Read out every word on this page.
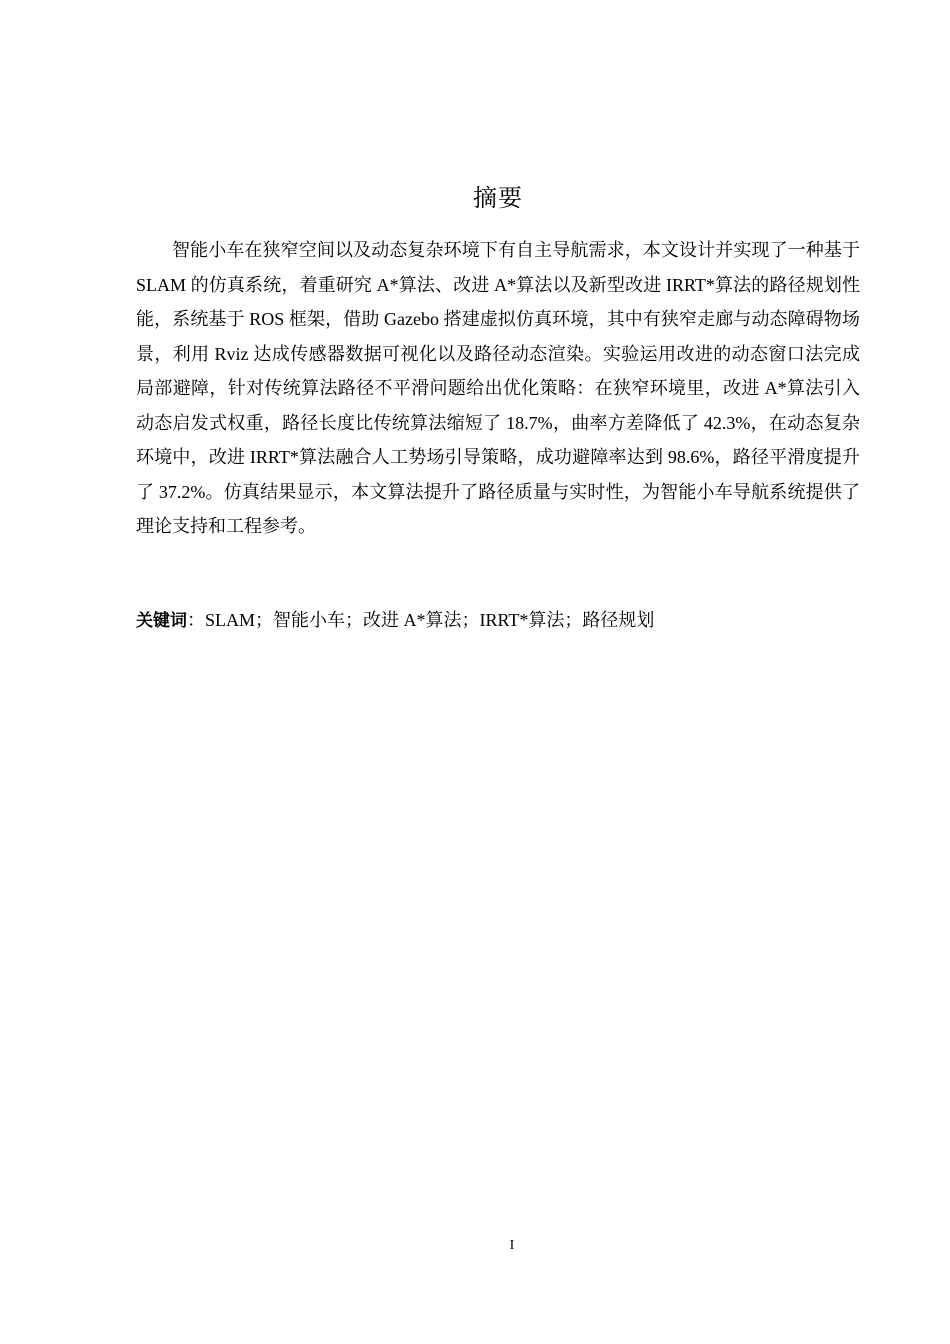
摘要

智能小车在狭窄空间以及动态复杂环境下有自主导航需求，本文设计并实现了一种基于 SLAM 的仿真系统，着重研究 A*算法、改进 A*算法以及新型改进 IRRT*算法的路径规划性能，系统基于 ROS 框架，借助 Gazebo 搭建虚拟仿真环境，其中有狭窄走廊与动态障碍物场景，利用 Rviz 达成传感器数据可视化以及路径动态渲染。实验运用改进的动态窗口法完成局部避障，针对传统算法路径不平滑问题给出优化策略：在狭窄环境里，改进 A*算法引入动态启发式权重，路径长度比传统算法缩短了 18.7%，曲率方差降低了 42.3%，在动态复杂环境中，改进 IRRT*算法融合人工势场引导策略，成功避障率达到 98.6%，路径平滑度提升了 37.2%。仿真结果显示，本文算法提升了路径质量与实时性，为智能小车导航系统提供了理论支持和工程参考。

关键词：SLAM；智能小车；改进 A*算法；IRRT*算法；路径规划

I
